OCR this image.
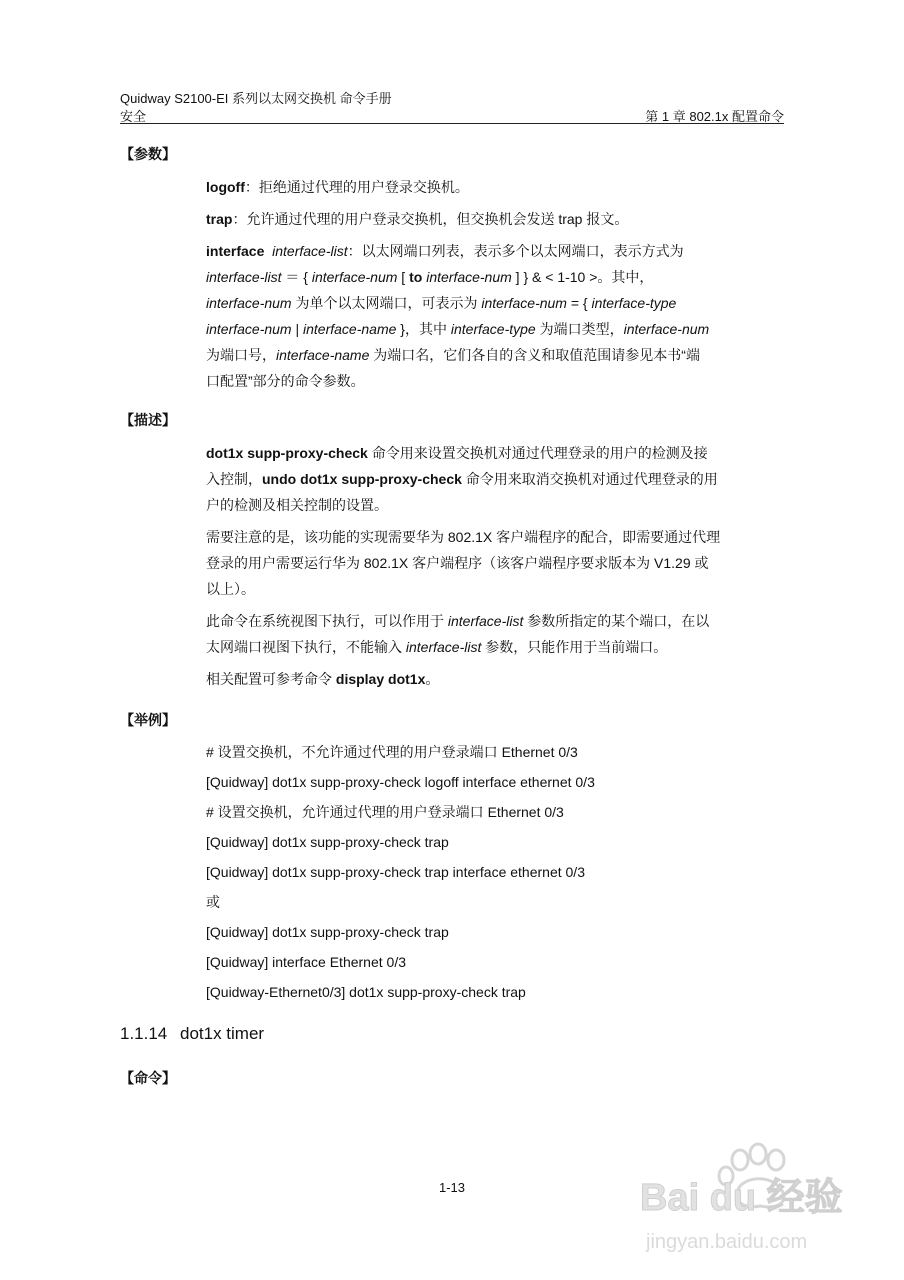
Quidway S2100-EI 系列以太网交换机 命令手册
安全	第 1 章 802.1x 配置命令
【参数】

logoff：拒绝通过代理的用户登录交换机。

trap：允许通过代理的用户登录交换机，但交换机会发送 trap 报文。

interface interface-list：以太网端口列表，表示多个以太网端口，表示方式为
interface-list ＝ { interface-num [ to interface-num ] } & < 1-10 >。其中，
interface-num 为单个以太网端口，可表示为 interface-num = { interface-type
interface-num | interface-name }，其中 interface-type 为端口类型，interface-num
为端口号，interface-name 为端口名，它们各自的含义和取值范围请参见本书“端
口配置”部分的命令参数。

【描述】

dot1x supp-proxy-check 命令用来设置交换机对通过代理登录的用户的检测及接
入控制，undo dot1x supp-proxy-check 命令用来取消交换机对通过代理登录的用
户的检测及相关控制的设置。

需要注意的是，该功能的实现需要华为 802.1X 客户端程序的配合，即需要通过代理
登录的用户需要运行华为 802.1X 客户端程序（该客户端程序要求版本为 V1.29 或
以上）。

此命令在系统视图下执行，可以作用于 interface-list 参数所指定的某个端口，在以
太网端口视图下执行，不能输入 interface-list 参数，只能作用于当前端口。

相关配置可参考命令 display dot1x。

【举例】

# 设置交换机，不允许通过代理的用户登录端口 Ethernet 0/3

[Quidway] dot1x supp-proxy-check logoff interface ethernet 0/3

# 设置交换机，允许通过代理的用户登录端口 Ethernet 0/3

[Quidway] dot1x supp-proxy-check trap

[Quidway] dot1x supp-proxy-check trap interface ethernet 0/3

或

[Quidway] dot1x supp-proxy-check trap

[Quidway] interface Ethernet 0/3

[Quidway-Ethernet0/3] dot1x supp-proxy-check trap

1.1.14 dot1x timer
【命令】
1-13	Bai du 经验
jingyan.baidu.com
